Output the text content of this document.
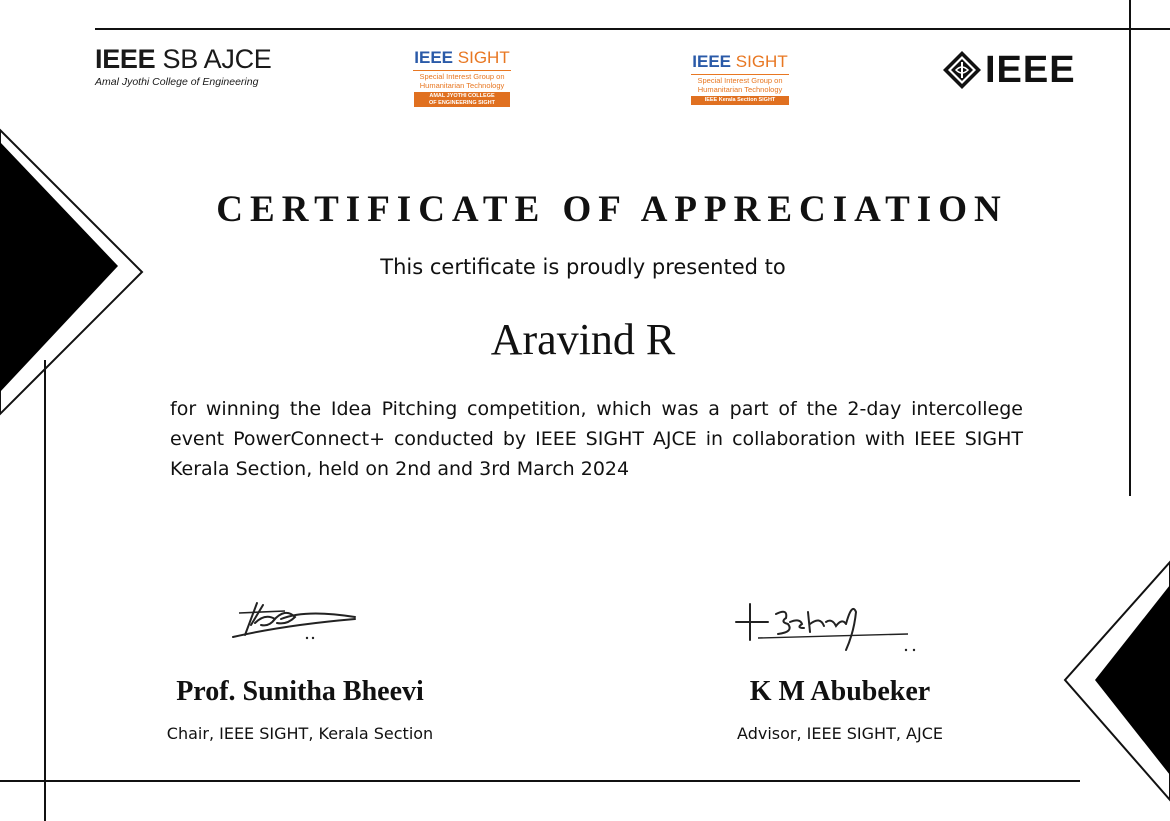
IEEE SB AJCE
Amal Jyothi College of Engineering
IEEE SIGHT
Special Interest Group on
Humanitarian Technology
AMAL JYOTHI COLLEGE
OF ENGINEERING SIGHT
IEEE SIGHT
Special Interest Group on
Humanitarian Technology
IEEE Kerala Section SIGHT
IEEE
CERTIFICATE OF APPRECIATION
This certificate is proudly presented to
Aravind R
for winning the Idea Pitching competition, which was a part of the 2-day intercollege event PowerConnect+ conducted by IEEE SIGHT AJCE in collaboration with IEEE SIGHT Kerala Section, held on 2nd and 3rd March 2024
Prof. Sunitha Bheevi
Chair, IEEE SIGHT, Kerala Section
K M Abubeker
Advisor, IEEE SIGHT, AJCE
